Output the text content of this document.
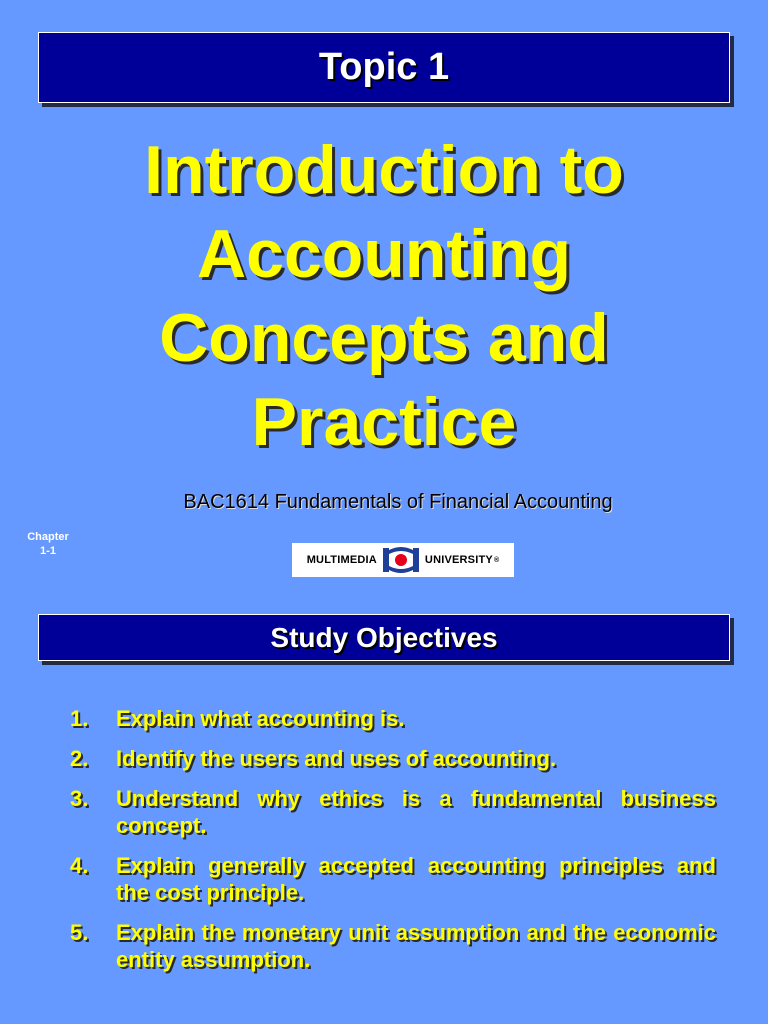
Topic 1
Introduction to
Accounting
Concepts and
Practice
BAC1614 Fundamentals of Financial Accounting
Chapter
1-1
MULTIMEDIA	UNIVERSITY ®
Study Objectives
1.	Explain what accounting is.
2.	Identify the users and uses of accounting.
3.	Understand why ethics is a fundamental business concept.
4.	Explain generally accepted accounting principles and the cost principle.
5.	Explain the monetary unit assumption and the economic entity assumption.
